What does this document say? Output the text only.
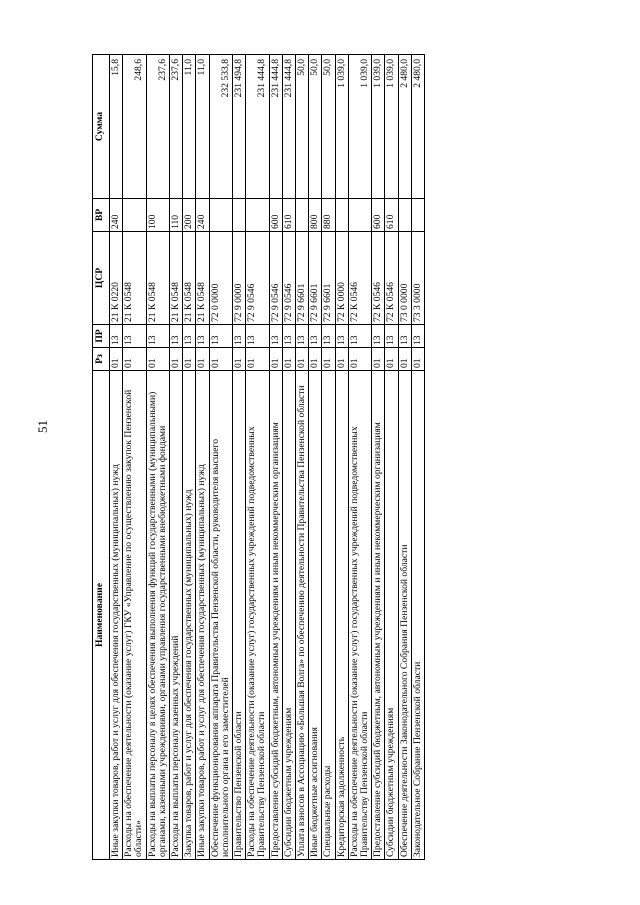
51
Наименование	Рз	ПР	ЦСР	ВР	Сумма
Иные закупки товаров, работ и услуг для обеспечения государственных (муниципальных) нужд	01	13	21 К 0220	240	15,8
Расходы на обеспечение деятельности (оказание услуг) ГКУ «Управление по осуществлению закупок Пензенской области»	01	13	21 К 0548		248,6
Расходы на выплаты персоналу в целях обеспечения выполнения функций государственными (муниципальными) органами, казенными учреждениями, органами управления государственными внебюджетными фондами	01	13	21 К 0548	100	237,6
Расходы на выплаты персоналу казенных учреждений	01	13	21 К 0548	110	237,6
Закупка товаров, работ и услуг для обеспечения государственных (муниципальных) нужд	01	13	21 К 0548	200	11,0
Иные закупки товаров, работ и услуг для обеспечения государственных (муниципальных) нужд	01	13	21 К 0548	240	11,0
Обеспечение функционирования аппарата Правительства Пензенской области, руководителя высшего исполнительного органа и его заместителей	01	13	72 0 0000		232 533,8
Правительство Пензенской области	01	13	72 9 0000		231 494,8
Расходы на обеспечение деятельности (оказание услуг) государственных учреждений подведомственных Правительству Пензенской области	01	13	72 9 0546		231 444,8
Предоставление субсидий бюджетным, автономным учреждениям и иным некоммерческим организациям	01	13	72 9 0546	600	231 444,8
Субсидии бюджетным учреждениям	01	13	72 9 0546	610	231 444,8
Уплата взносов в Ассоциацию «Большая Волга» по обеспечению деятельности Правительства Пензенской области	01	13	72 9 6601		50,0
Иные бюджетные ассигнования	01	13	72 9 6601	800	50,0
Специальные расходы	01	13	72 9 6601	880	50,0
Кредиторская задолженность	01	13	72 К 0000		1 039,0
Расходы на обеспечение деятельности (оказание услуг) государственных учреждений подведомственных Правительству Пензенской области	01	13	72 К 0546		1 039,0
Предоставление субсидий бюджетным, автономным учреждениям и иным некоммерческим организациям	01	13	72 К 0546	600	1 039,0
Субсидии бюджетным учреждениям	01	13	72 К 0546	610	1 039,0
Обеспечение деятельности Законодательного Собрания Пензенской области	01	13	73 0 0000		2 480,0
Законодательное Собрание Пензенской области	01	13	73 3 0000		2 480,0
